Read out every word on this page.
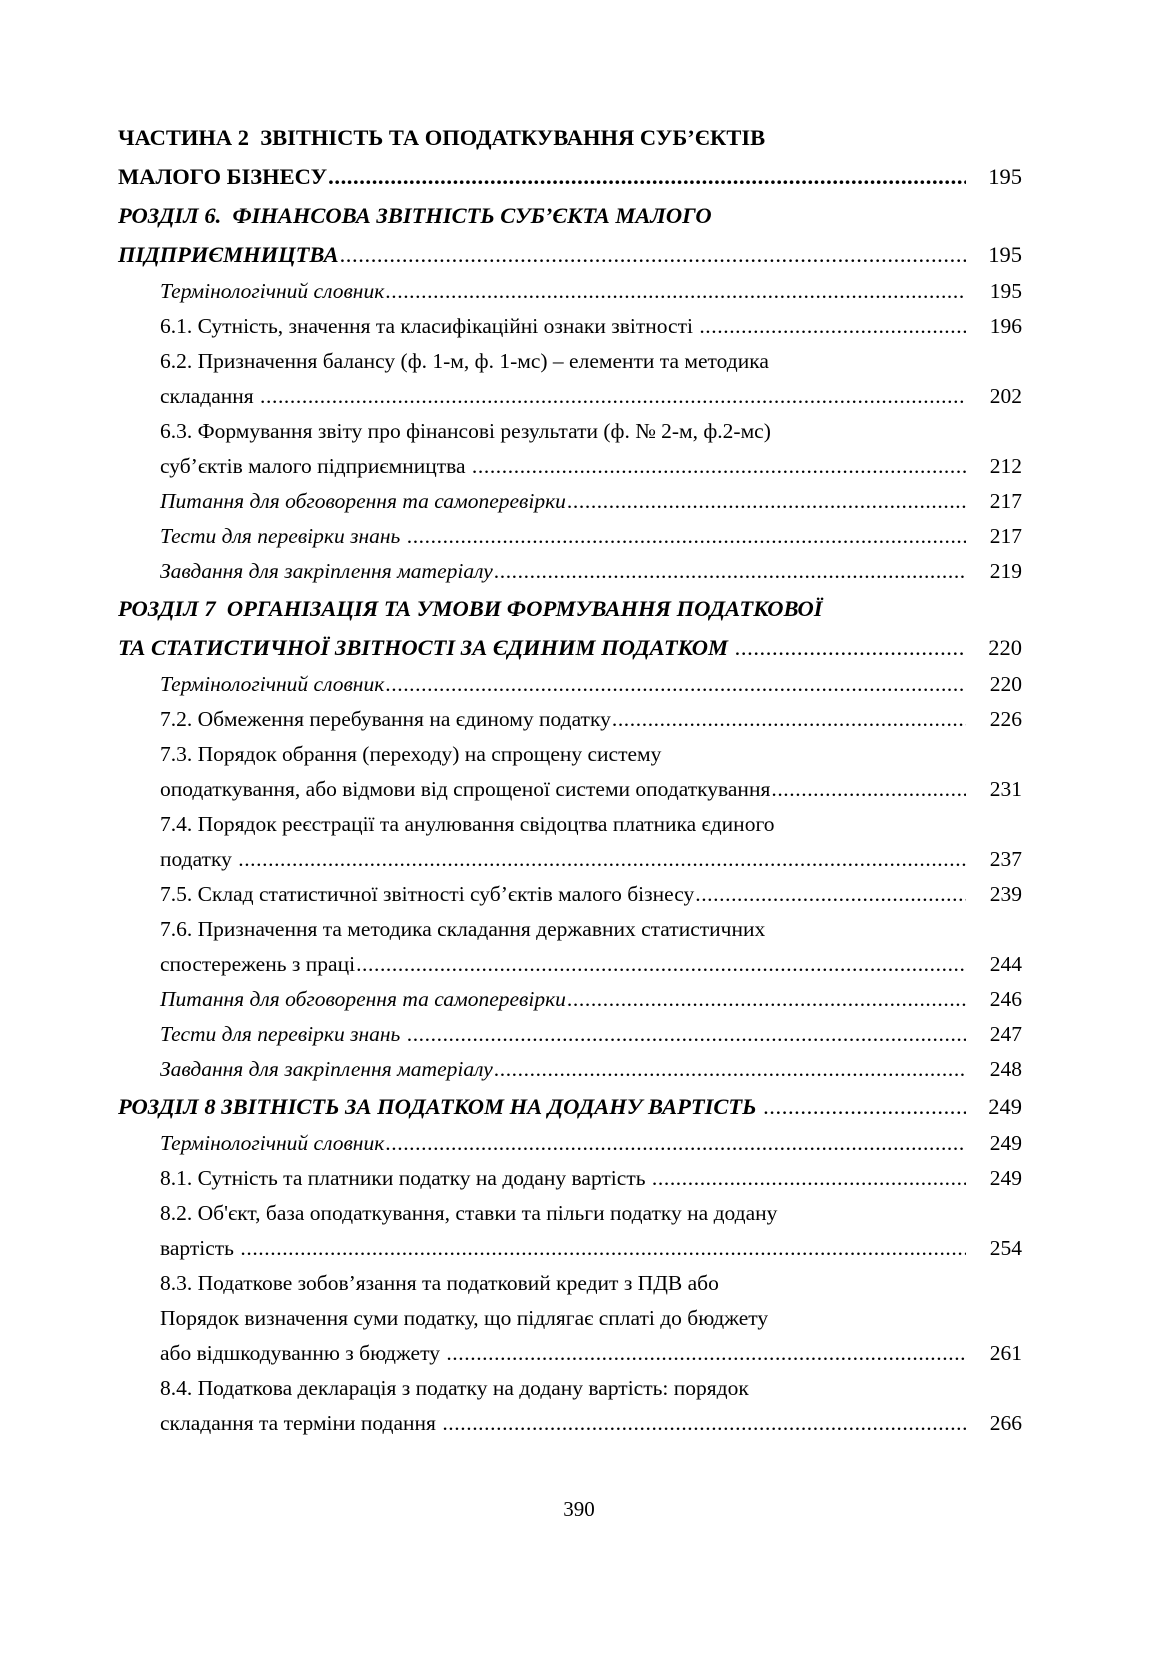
ЧАСТИНА 2  ЗВІТНІСТЬ ТА ОПОДАТКУВАННЯ СУБ’ЄКТІВ
МАЛОГО БІЗНЕСУ .....	195
РОЗДІЛ 6.  ФІНАНСОВА ЗВІТНІСТЬ СУБ’ЄКТА МАЛОГО
ПІДПРИЄМНИЦТВА .....	195
Термінологічний словник .....	195
6.1. Сутність, значення та класифікаційні ознаки звітності .....	196
6.2. Призначення балансу (ф. 1-м, ф. 1-мс) – елементи та методика
складання .....	202
6.3. Формування звіту про фінансові результати (ф. № 2-м, ф.2-мс)
суб’єктів малого підприємництва .....	212
Питання для обговорення та самоперевірки .....	217
Тести для перевірки знань .....	217
Завдання для закріплення матеріалу .....	219
РОЗДІЛ 7  ОРГАНІЗАЦІЯ ТА УМОВИ ФОРМУВАННЯ ПОДАТКОВОЇ
ТА СТАТИСТИЧНОЇ ЗВІТНОСТІ ЗА ЄДИНИМ ПОДАТКОМ .....	220
Термінологічний словник .....	220
7.2. Обмеження перебування на єдиному податку .....	226
7.3. Порядок обрання (переходу) на спрощену систему
оподаткування, або відмови від спрощеної системи оподаткування .....	231
7.4. Порядок реєстрації та анулювання свідоцтва платника єдиного
податку .....	237
7.5. Склад статистичної звітності суб’єктів малого бізнесу .....	239
7.6. Призначення та методика складання державних статистичних
спостережень з праці .....	244
Питання для обговорення та самоперевірки .....	246
Тести для перевірки знань .....	247
Завдання для закріплення матеріалу .....	248
РОЗДІЛ 8 ЗВІТНІСТЬ ЗА ПОДАТКОМ НА ДОДАНУ ВАРТІСТЬ .....	249
Термінологічний словник .....	249
8.1. Сутність та платники податку на додану вартість .....	249
8.2. Об'єкт, база оподаткування, ставки та пільги податку на додану
вартість .....	254
8.3. Податкове зобов’язання та податковий кредит з ПДВ або
Порядок визначення суми податку, що підлягає сплаті до бюджету
або відшкодуванню з бюджету .....	261
8.4. Податкова декларація з податку на додану вартість: порядок
складання та терміни подання .....	266
390
